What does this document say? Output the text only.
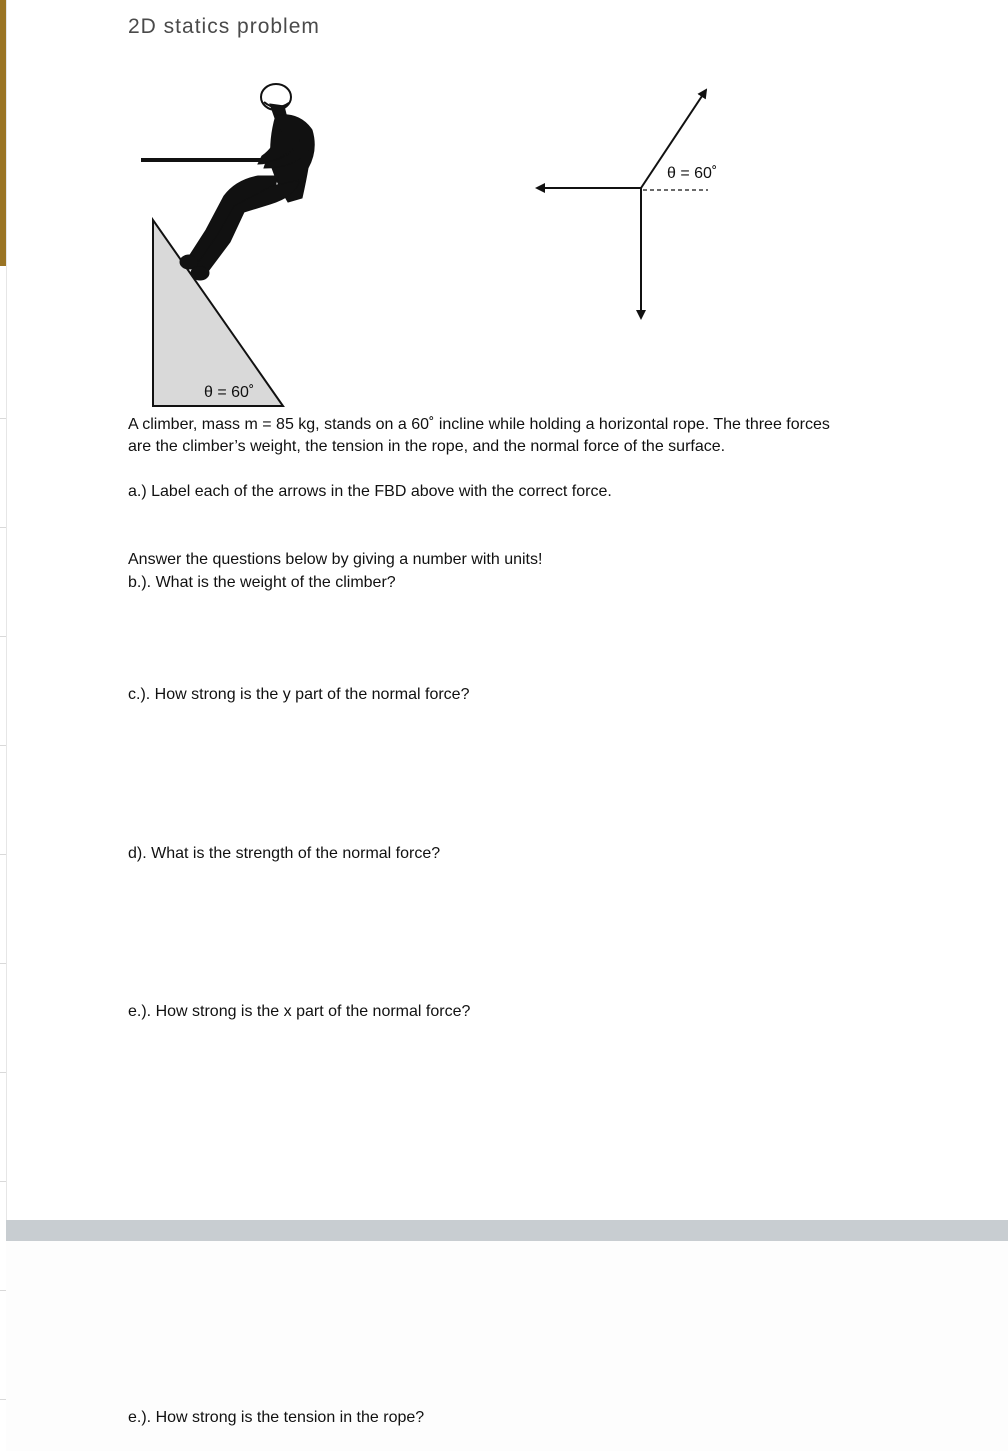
2D statics problem
θ = 60˚
θ = 60˚
A climber, mass m = 85 kg, stands on a 60˚ incline while holding a horizontal rope. The three forces
are the climber’s weight, the tension in the rope, and the normal force of the surface.
a.) Label each of the arrows in the FBD above with the correct force.
Answer the questions below by giving a number with units!
b.). What is the weight of the climber?
c.). How strong is the y part of the normal force?
d). What is the strength of the normal force?
e.). How strong is the x part of the normal force?
e.). How strong is the tension in the rope?
